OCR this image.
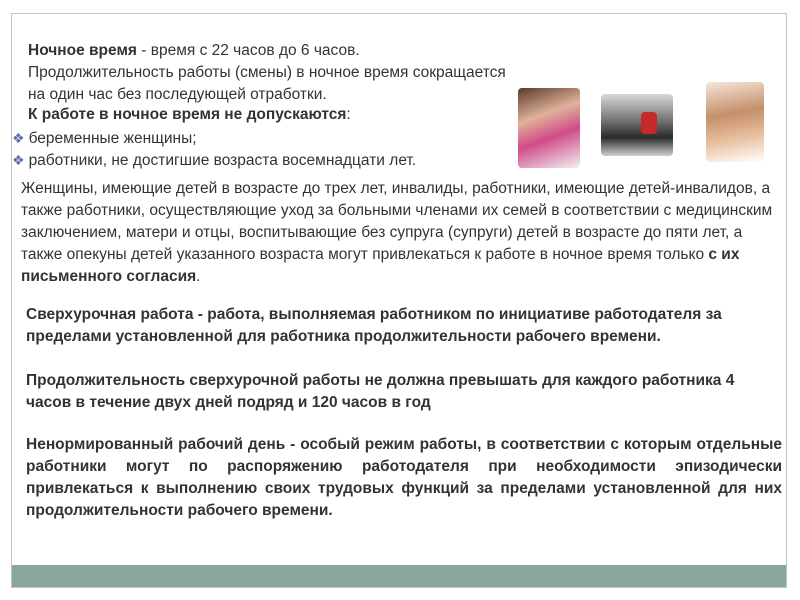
Ночное время - время с 22 часов до 6 часов. Продолжительность работы (смены) в ночное время сокращается на один час без последующей отработки.
К работе в ночное время не допускаются:
❖ беременные женщины;
❖ работники, не достигшие возраста восемнадцати лет.
Женщины, имеющие детей в возрасте до трех лет, инвалиды, работники, имеющие детей-инвалидов, а также работники, осуществляющие уход за больными членами их семей в соответствии с медицинским заключением, матери и отцы, воспитывающие без супруга (супруги) детей в возрасте до пяти лет, а также опекуны детей указанного возраста могут привлекаться к работе в ночное время только с их письменного согласия.
Сверхурочная работа - работа, выполняемая работником по инициативе работодателя за пределами установленной для работника продолжительности рабочего времени.
Продолжительность сверхурочной работы не должна превышать для каждого работника 4 часов в течение двух дней подряд и 120 часов в год
Ненормированный рабочий день - особый режим работы, в соответствии с которым отдельные работники могут по распоряжению работодателя при необходимости эпизодически привлекаться к выполнению своих трудовых функций за пределами установленной для них продолжительности рабочего времени.
